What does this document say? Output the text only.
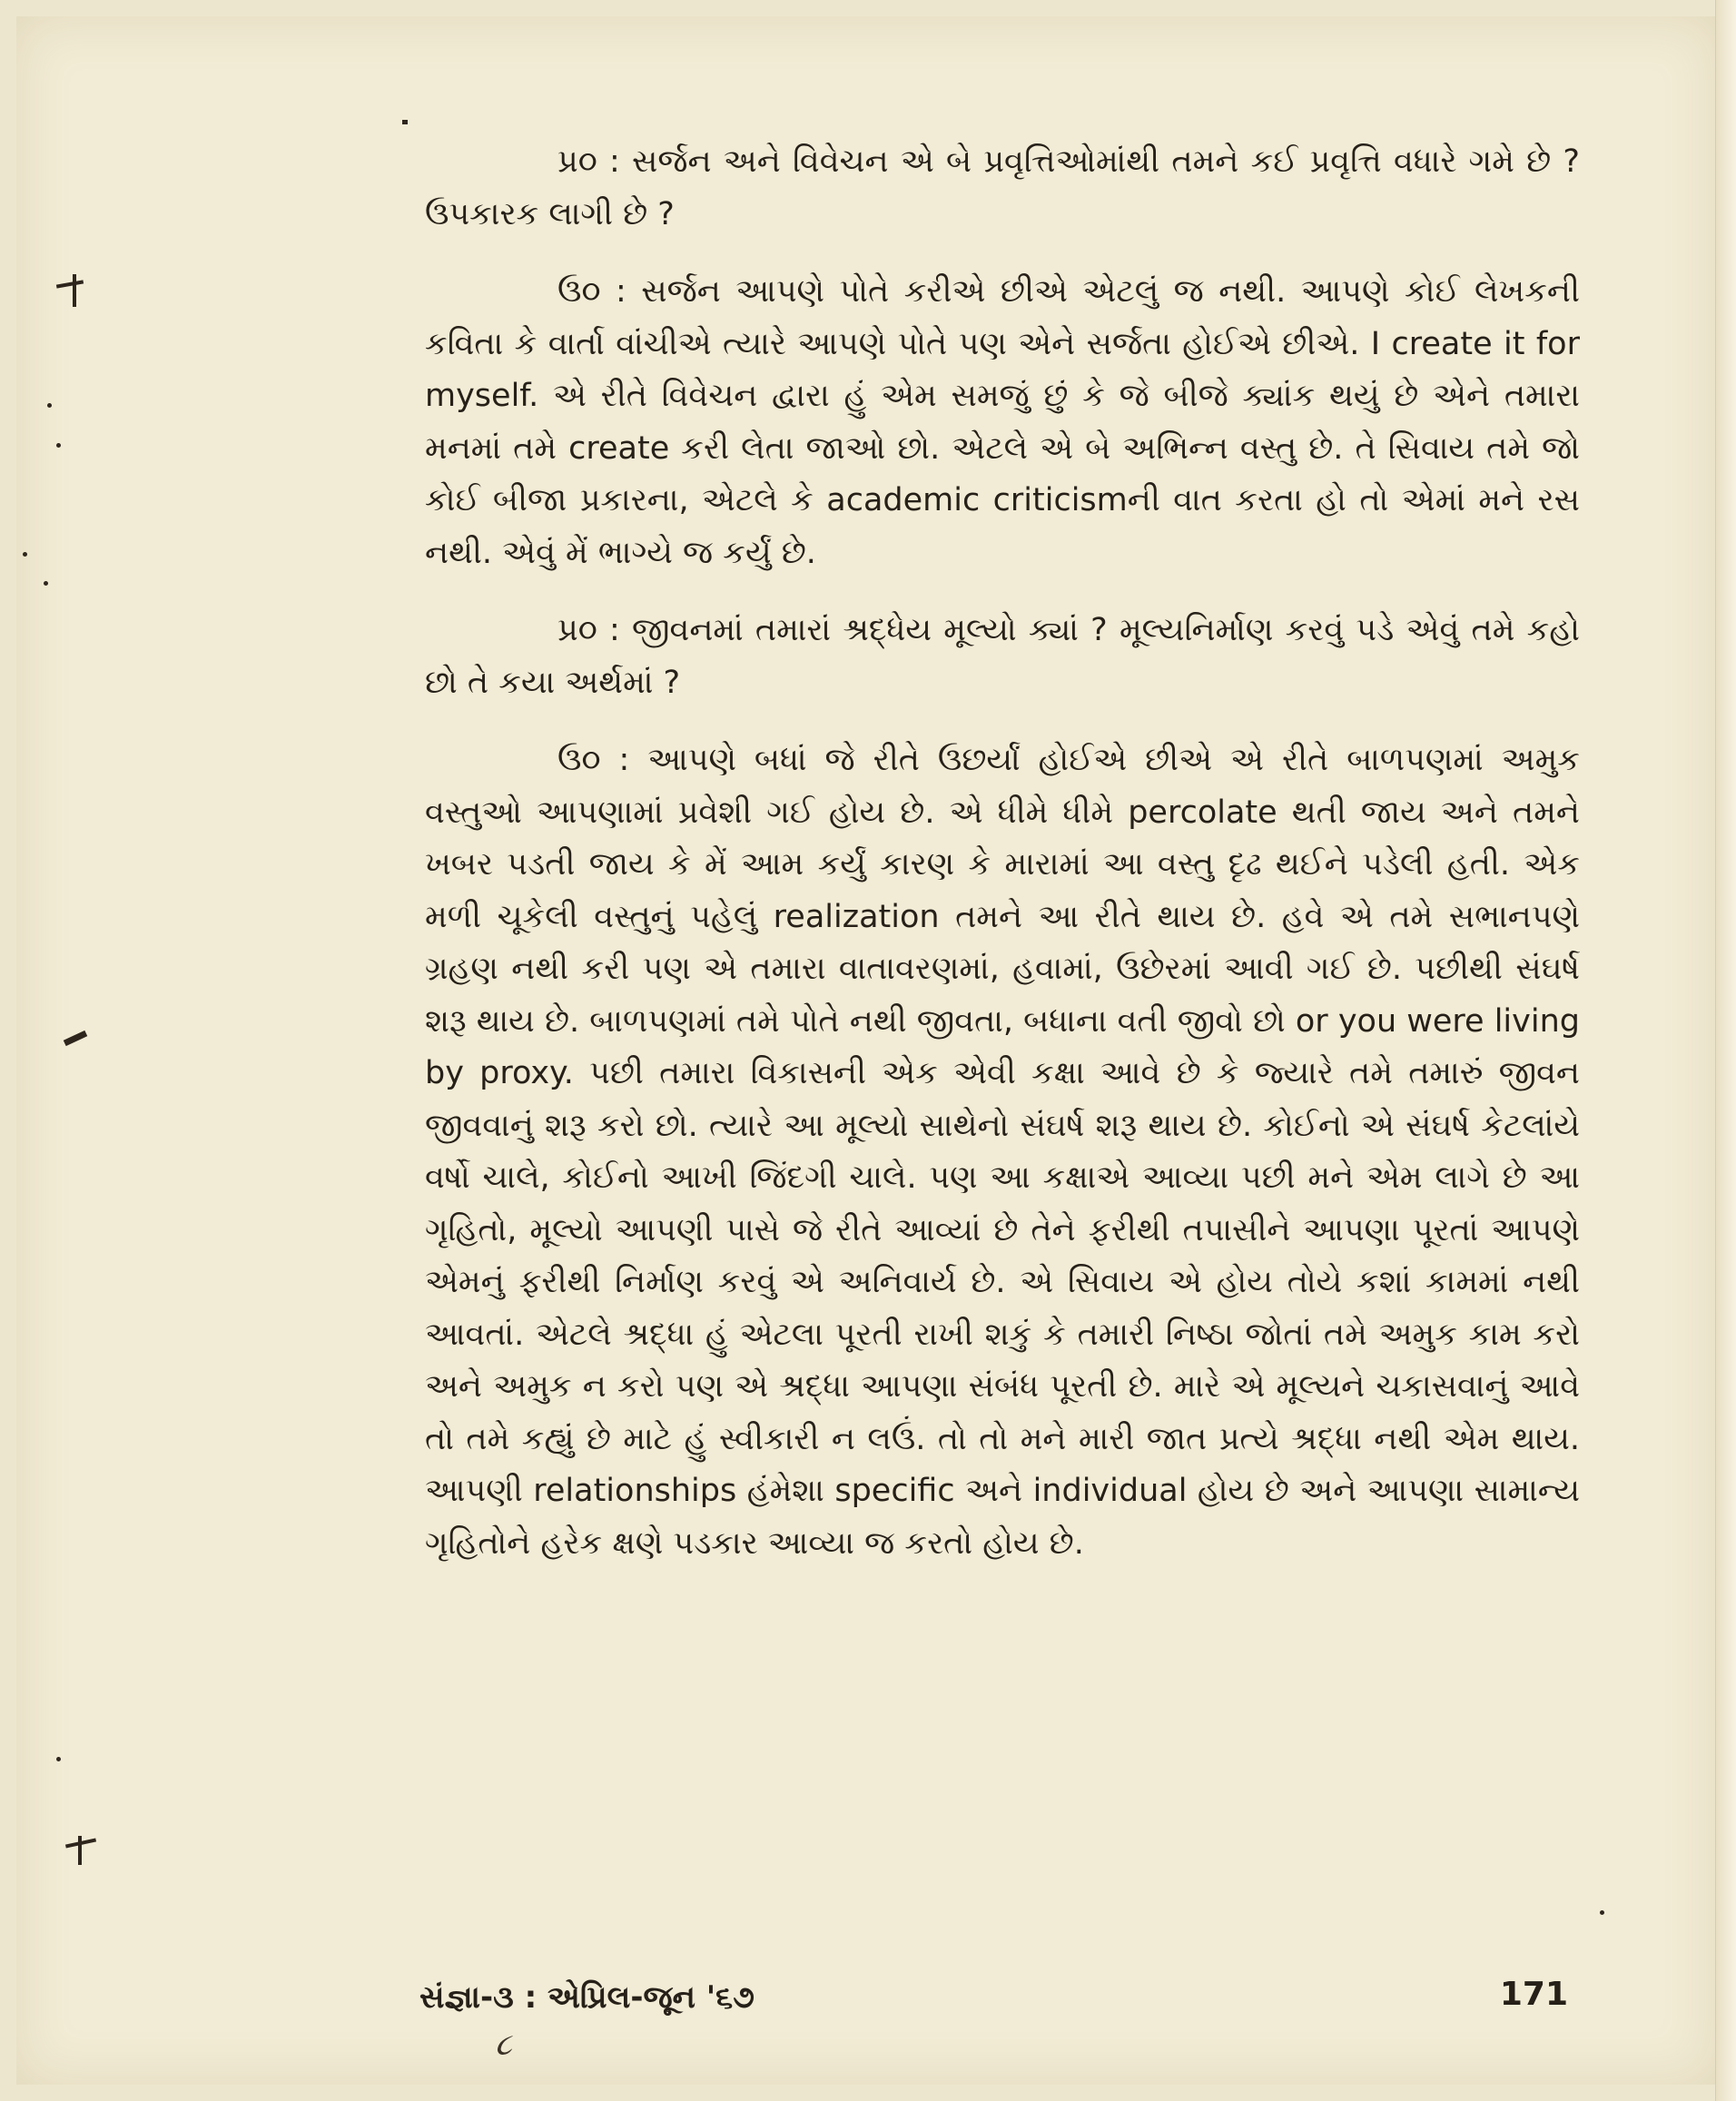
પ્ર૦ : સર્જન અને વિવેચન એ બે પ્રવૃત્તિઓમાંથી તમને કઈ પ્રવૃત્તિ વધારે ગમે છે ? ઉપકારક લાગી છે ?

ઉ૦ : સર્જન આપણે પોતે કરીએ છીએ એટલું જ નથી. આપણે કોઈ લેખકની કવિતા કે વાર્તા વાંચીએ ત્યારે આપણે પોતે પણ એને સર્જતા હોઈએ છીએ. I create it for myself. એ રીતે વિવેચન દ્વારા હું એમ સમજું છું કે જે બીજે ક્યાંક થયું છે એને તમારા મનમાં તમે create કરી લેતા જાઓ છો. એટલે એ બે અભિન્ન વસ્તુ છે. તે સિવાય તમે જો કોઈ બીજા પ્રકારના, એટલે કે academic criticismની વાત કરતા હો તો એમાં મને રસ નથી. એવું મેં ભાગ્યે જ કર્યું છે.

પ્ર૦ : જીવનમાં તમારાં શ્રદ્ધેય મૂલ્યો ક્યાં ? મૂલ્યનિર્માણ કરવું પડે એવું તમે કહો છો તે કયા અર્થમાં ?

ઉ૦ : આપણે બધાં જે રીતે ઉછર્યાં હોઈએ છીએ એ રીતે બાળપણમાં અમુક વસ્તુઓ આપણામાં પ્રવેશી ગઈ હોય છે. એ ધીમે ધીમે percolate થતી જાય અને તમને ખબર પડતી જાય કે મેં આમ કર્યું કારણ કે મારામાં આ વસ્તુ દૃઢ થઈને પડેલી હતી. એક મળી ચૂકેલી વસ્તુનું પહેલું realization તમને આ રીતે થાય છે. હવે એ તમે સભાનપણે ગ્રહણ નથી કરી પણ એ તમારા વાતાવરણમાં, હવામાં, ઉછેરમાં આવી ગઈ છે. પછીથી સંઘર્ષ શરૂ થાય છે. બાળપણમાં તમે પોતે નથી જીવતા, બધાના વતી જીવો છો or you were living by proxy. પછી તમારા વિકાસની એક એવી કક્ષા આવે છે કે જ્યારે તમે તમારું જીવન જીવવાનું શરૂ કરો છો. ત્યારે આ મૂલ્યો સાથેનો સંઘર્ષ શરૂ થાય છે. કોઈનો એ સંઘર્ષ કેટલાંયે વર્ષો ચાલે, કોઈનો આખી જિંદગી ચાલે. પણ આ કક્ષાએ આવ્યા પછી મને એમ લાગે છે આ ગૃહિતો, મૂલ્યો આપણી પાસે જે રીતે આવ્યાં છે તેને ફરીથી તપાસીને આપણા પૂરતાં આપણે એમનું ફરીથી નિર્માણ કરવું એ અનિવાર્ય છે. એ સિવાય એ હોય તોયે કશાં કામમાં નથી આવતાં. એટલે શ્રદ્ધા હું એટલા પૂરતી રાખી શકું કે તમારી નિષ્ઠા જોતાં તમે અમુક કામ કરો અને અમુક ન કરો પણ એ શ્રદ્ધા આપણા સંબંધ પૂરતી છે. મારે એ મૂલ્યને ચકાસવાનું આવે તો તમે કહ્યું છે માટે હું સ્વીકારી ન લઉં. તો તો મને મારી જાત પ્રત્યે શ્રદ્ધા નથી એમ થાય. આપણી relationships હંમેશા specific અને individual હોય છે અને આપણા સામાન્ય ગૃહિતોને હરેક ક્ષણે પડકાર આવ્યા જ કરતો હોય છે.

સંજ્ઞા-૩ : એપ્રિલ-જૂન '૬૭	171
૮
